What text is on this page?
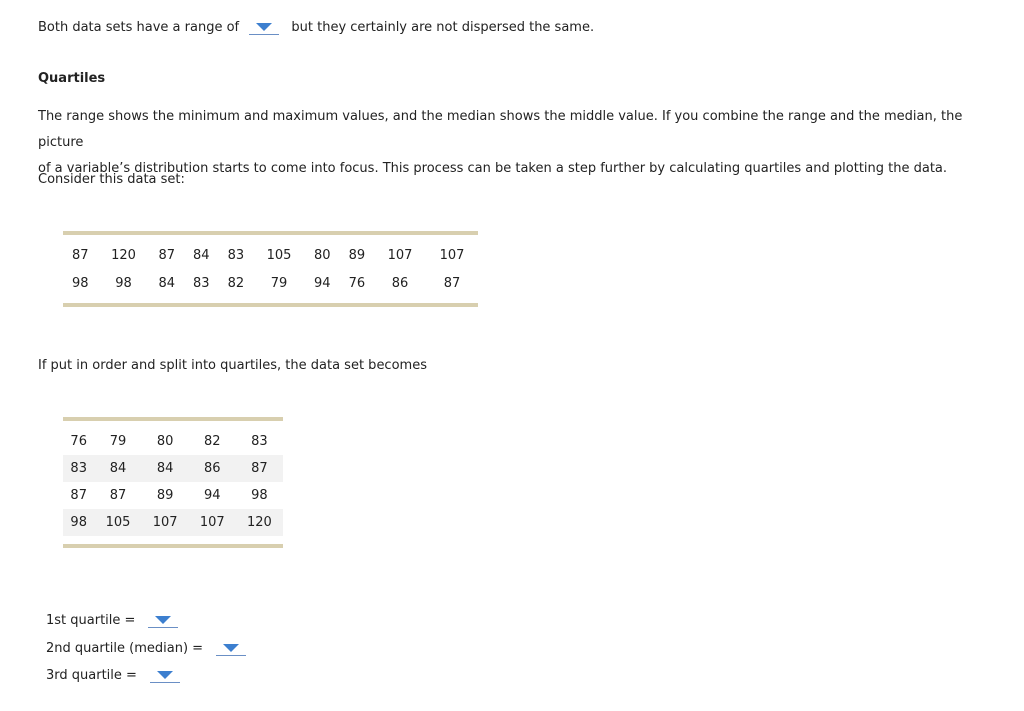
Both data sets have a range of	but they certainly are not dispersed the same.
Quartiles
The range shows the minimum and maximum values, and the median shows the middle value. If you combine the range and the median, the picture
of a variable’s distribution starts to come into focus. This process can be taken a step further by calculating quartiles and plotting the data.
Consider this data set:
87	120	87	84	83	105	80	89	107	107
98	98	84	83	82	79	94	76	86	87
If put in order and split into quartiles, the data set becomes
76	79	80	82	83
83	84	84	86	87
87	87	89	94	98
98	105	107	107	120
1st quartile =
2nd quartile (median) =
3rd quartile =
